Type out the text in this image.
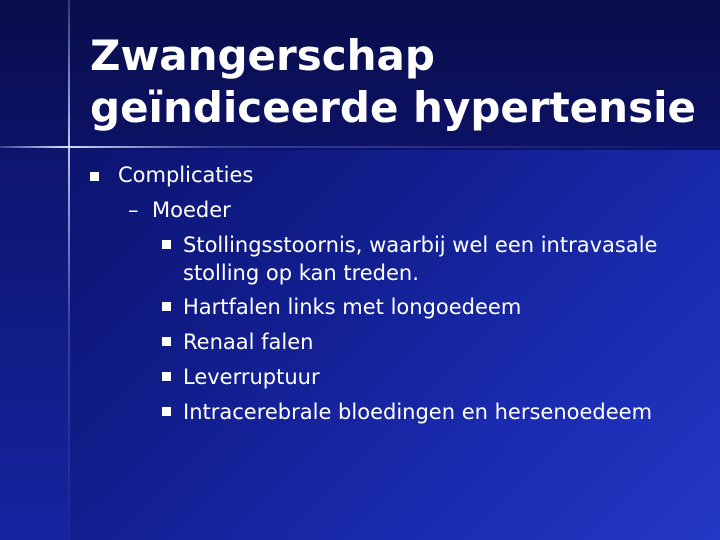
Zwangerschap
geïndiceerde hypertensie
Complicaties
– Moeder
Stollingsstoornis, waarbij wel een intravasale
stolling op kan treden.
Hartfalen links met longoedeem
Renaal falen
Leverruptuur
Intracerebrale bloedingen en hersenoedeem
